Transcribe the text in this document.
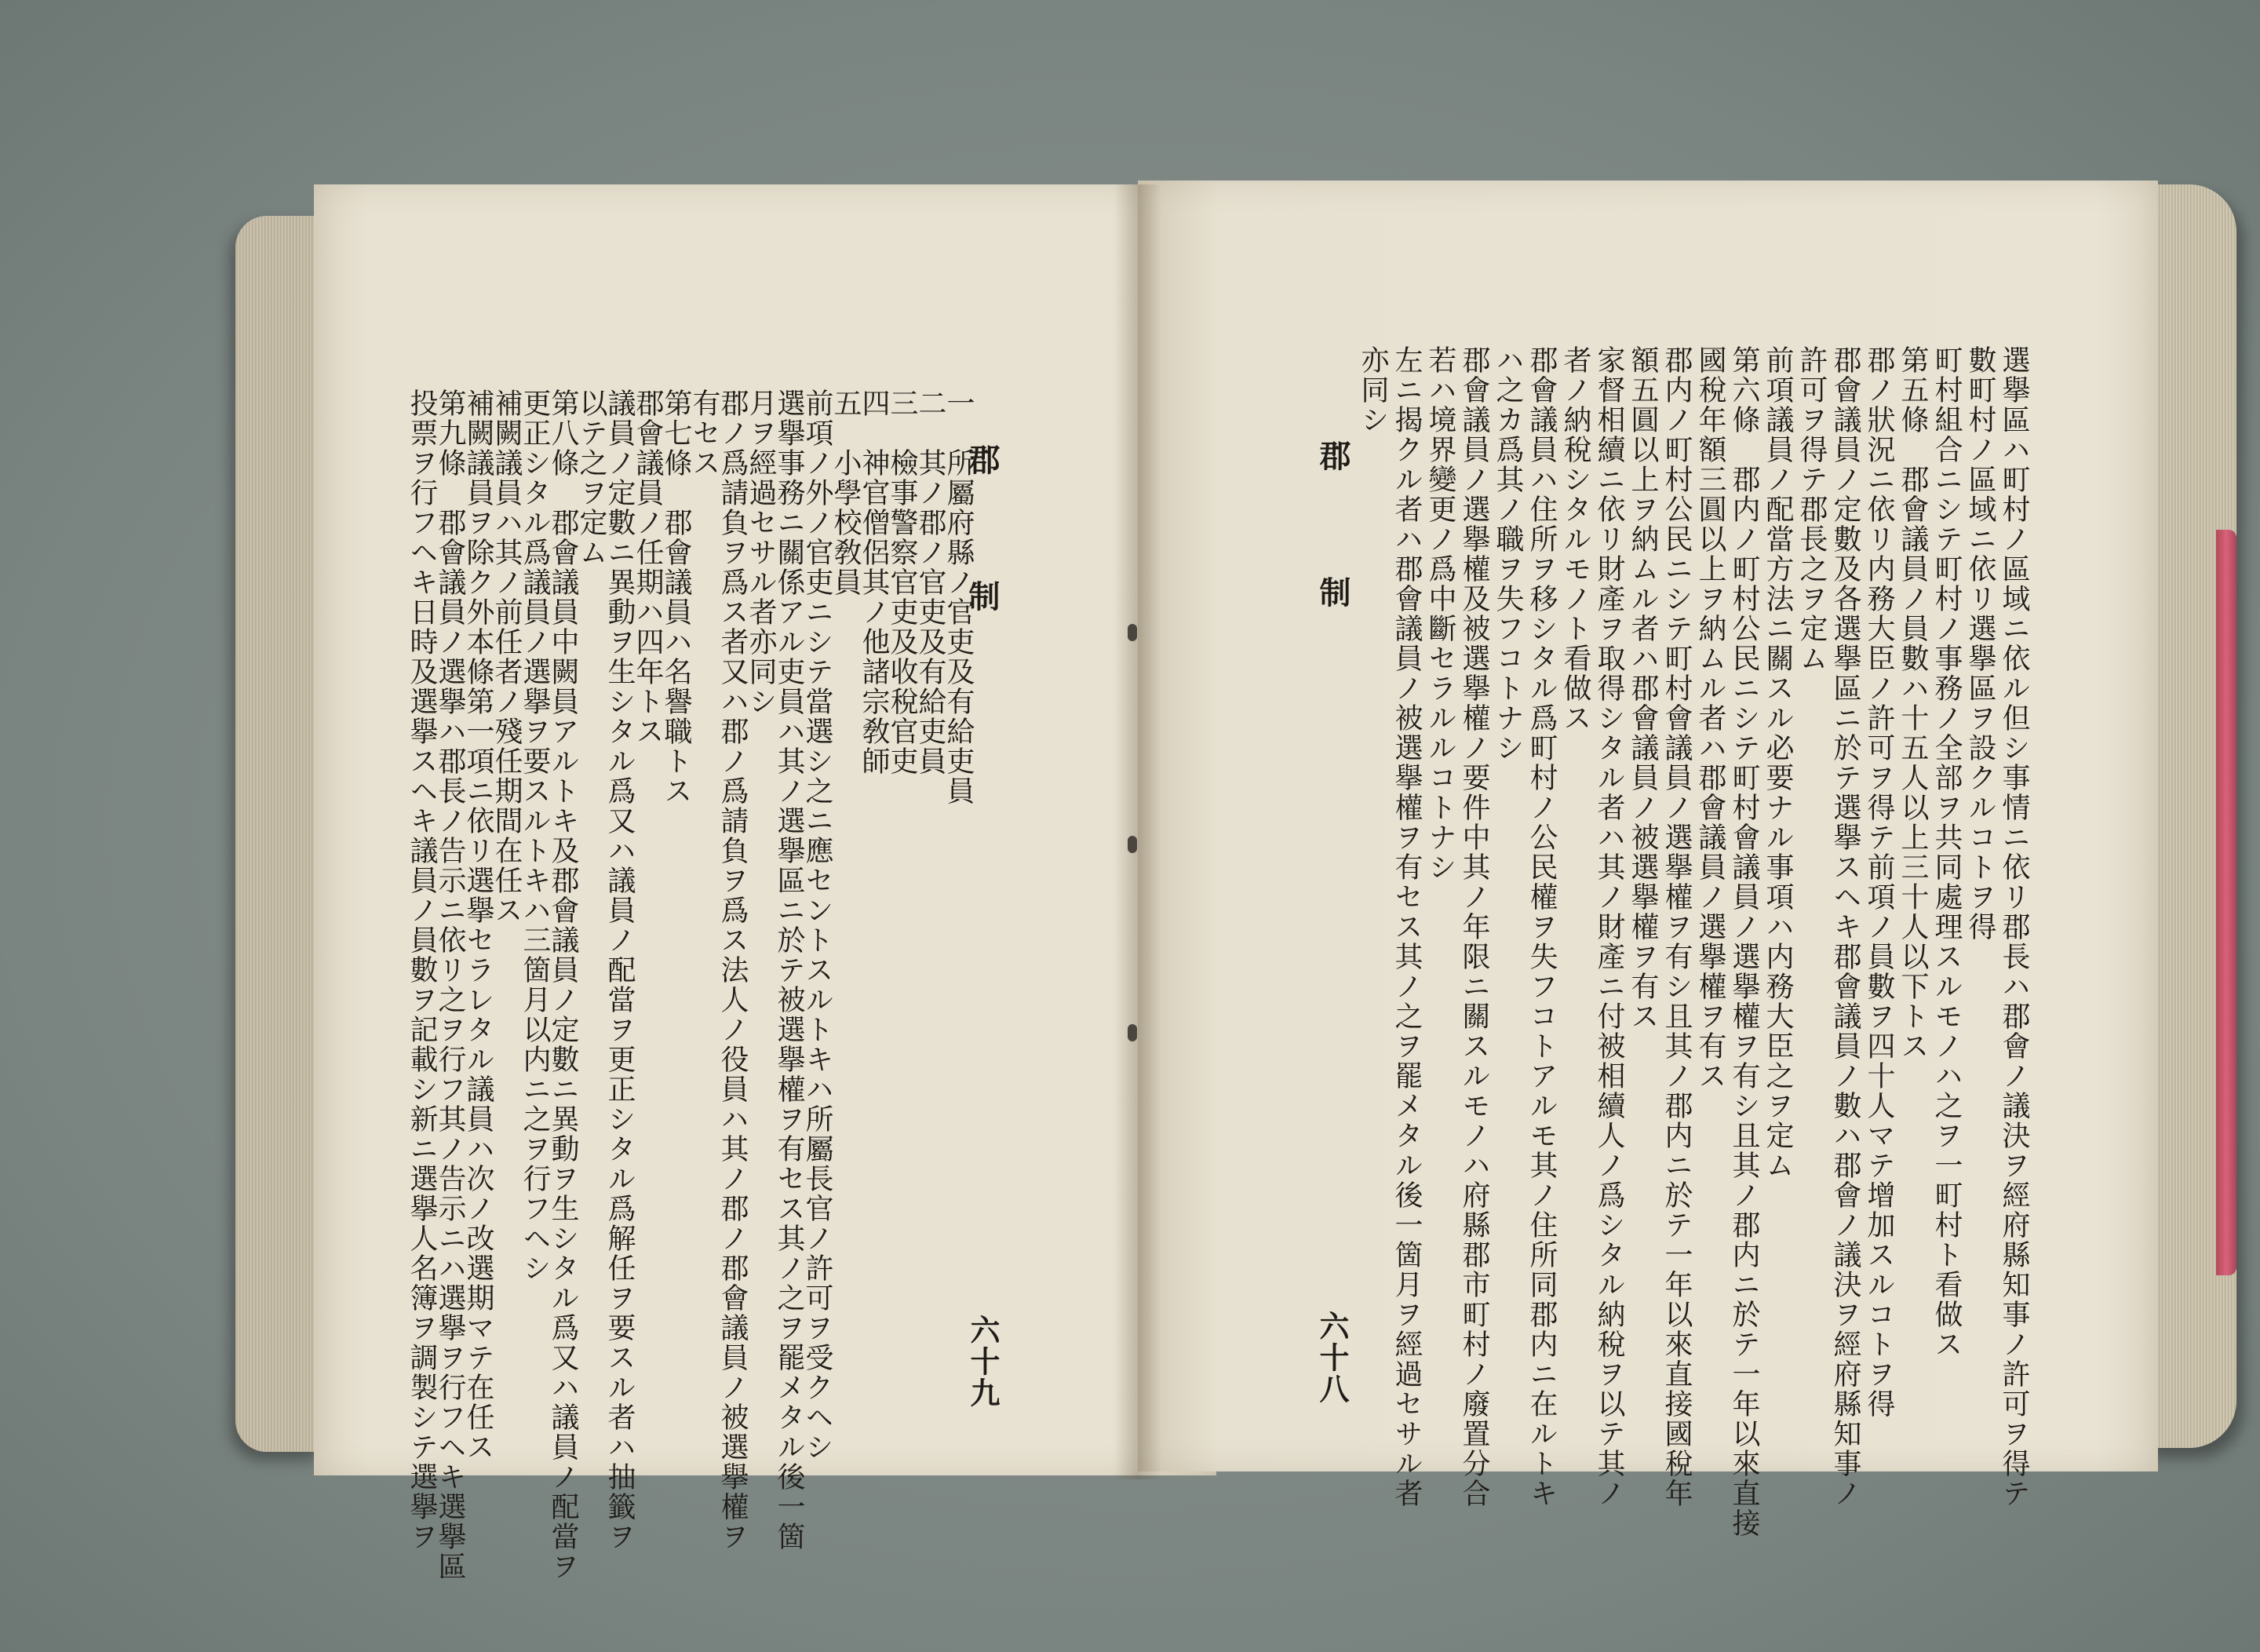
郡 制
六十九
一　所屬府縣ノ官吏及有給吏員
二　其ノ郡ノ官吏及有給吏員
三　檢事警察官吏及收稅官吏
四　神官僧侶其ノ他諸宗敎師
五　小學校敎員
前項ノ外ノ官吏ニシテ當選シ之ニ應セントスルトキハ所屬長官ノ許可ヲ受クヘシ
選擧事務ニ關係アル吏員ハ其ノ選擧區ニ於テ被選擧權ヲ有セス其ノ之ヲ罷メタル後一箇
月ヲ經過セサル者亦同シ
郡ノ爲請負ヲ爲ス者又ハ郡ノ爲請負ヲ爲ス法人ノ役員ハ其ノ郡ノ郡會議員ノ被選擧權ヲ
有セス
第七條　郡會議員ハ名譽職トス
郡會議員ノ任期ハ四年トス
議員ノ定數ニ異動ヲ生シタル爲又ハ議員ノ配當ヲ更正シタル爲解任ヲ要スル者ハ抽籤ヲ
以テ之ヲ定ム
第八條　郡會議員中闕員アルトキ及郡會議員ノ定數ニ異動ヲ生シタル爲又ハ議員ノ配當ヲ
更正シタル爲議員ノ選擧ヲ要スルトキハ三箇月以内ニ之ヲ行フヘシ
補闕議員ハ其ノ前任者ノ殘任期間在任ス
補闕議員ヲ除ク外本條第一項ニ依リ選擧セラレタル議員ハ次ノ改選期マテ在任ス
第九條　郡會議員ノ選擧ハ郡長ノ告示ニ依リ之ヲ行フ其ノ告示ニハ選擧ヲ行フヘキ選擧區
投票ヲ行フヘキ日時及選擧スヘキ議員ノ員數ヲ記載シ新ニ選擧人名簿ヲ調製シテ選擧ヲ	郡 制
六十八	選擧區ハ町村ノ區域ニ依ル但シ事情ニ依リ郡長ハ郡會ノ議決ヲ經府縣知事ノ許可ヲ得テ
數町村ノ區域ニ依リ選擧區ヲ設クルコトヲ得
町村組合ニシテ町村ノ事務ノ全部ヲ共同處理スルモノハ之ヲ一町村ト看做ス
第五條　郡會議員ノ員數ハ十五人以上三十人以下トス
郡ノ狀況ニ依リ内務大臣ノ許可ヲ得テ前項ノ員數ヲ四十人マテ增加スルコトヲ得
郡會議員ノ定數及各選擧區ニ於テ選擧スヘキ郡會議員ノ數ハ郡會ノ議決ヲ經府縣知事ノ
許可ヲ得テ郡長之ヲ定ム
前項議員ノ配當方法ニ關スル必要ナル事項ハ内務大臣之ヲ定ム
第六條　郡内ノ町村公民ニシテ町村會議員ノ選擧權ヲ有シ且其ノ郡内ニ於テ一年以來直接
國稅年額三圓以上ヲ納ムル者ハ郡會議員ノ選擧權ヲ有ス
郡内ノ町村公民ニシテ町村會議員ノ選擧權ヲ有シ且其ノ郡内ニ於テ一年以來直接國稅年
額五圓以上ヲ納ムル者ハ郡會議員ノ被選擧權ヲ有ス
家督相續ニ依リ財產ヲ取得シタル者ハ其ノ財產ニ付被相續人ノ爲シタル納稅ヲ以テ其ノ
者ノ納稅シタルモノト看做ス
郡會議員ハ住所ヲ移シタル爲町村ノ公民權ヲ失フコトアルモ其ノ住所同郡内ニ在ルトキ
ハ之カ爲其ノ職ヲ失フコトナシ
郡會議員ノ選擧權及被選擧權ノ要件中其ノ年限ニ關スルモノハ府縣郡市町村ノ廢置分合
若ハ境界變更ノ爲中斷セラルルコトナシ
左ニ揭クル者ハ郡會議員ノ被選擧權ヲ有セス其ノ之ヲ罷メタル後一箇月ヲ經過セサル者
亦同シ
